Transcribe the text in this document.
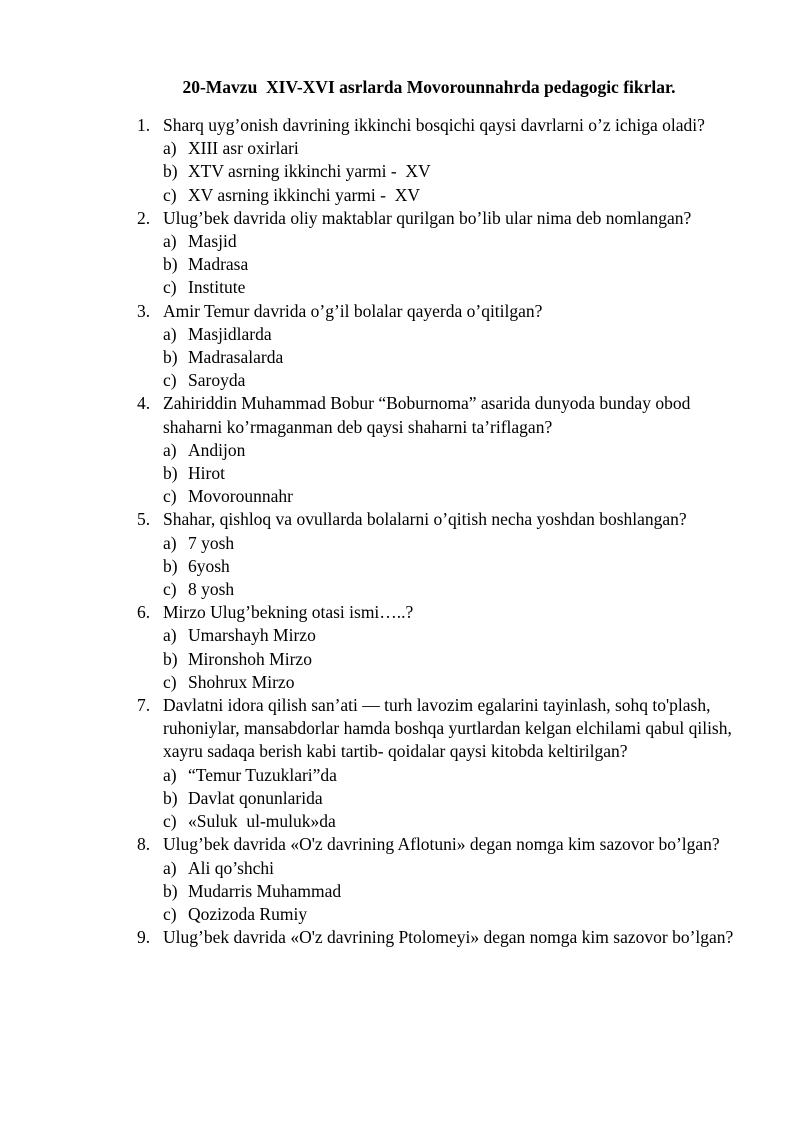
20-Mavzu  XIV-XVI asrlarda Movorounnahrda pedagogic fikrlar.
1. Sharq uyg’onish davrining ikkinchi bosqichi qaysi davrlarni o’z ichiga oladi?
a) XIII asr oxirlari
b) XTV asrning ikkinchi yarmi -  XV
c) XV asrning ikkinchi yarmi -  XV
2. Ulug’bek davrida oliy maktablar qurilgan bo’lib ular nima deb nomlangan?
a) Masjid
b) Madrasa
c) Institute
3. Amir Temur davrida o’g’il bolalar qayerda o’qitilgan?
a) Masjidlarda
b) Madrasalarda
c) Saroyda
4. Zahiriddin Muhammad Bobur “Boburnoma” asarida dunyoda bunday obod shaharni ko’rmaganman deb qaysi shaharni ta’riflagan?
a) Andijon
b) Hirot
c) Movorounnahr
5. Shahar, qishloq va ovullarda bolalarni o’qitish necha yoshdan boshlangan?
a) 7 yosh
b) 6yosh
c) 8 yosh
6. Mirzo Ulug’bekning otasi ismi…..?
a) Umarshayh Mirzo
b) Mironshoh Mirzo
c) Shohrux Mirzo
7. Davlatni idora qilish san’ati — turh lavozim egalarini tayinlash, sohq to'plash, ruhoniylar, mansabdorlar hamda boshqa yurtlardan kelgan elchilami qabul qilish, xayru sadaqa berish kabi tartib- qoidalar qaysi kitobda keltirilgan?
a) “Temur Tuzuklari”da
b) Davlat qonunlarida
c) «Suluk  ul-muluk»da
8. Ulug’bek davrida «O'z davrining Aflotuni» degan nomga kim sazovor bo’lgan?
a) Ali qo’shchi
b) Mudarris Muhammad
c) Qozizoda Rumiy
9. Ulug’bek davrida «O'z davrining Ptolomeyi» degan nomga kim sazovor bo’lgan?
